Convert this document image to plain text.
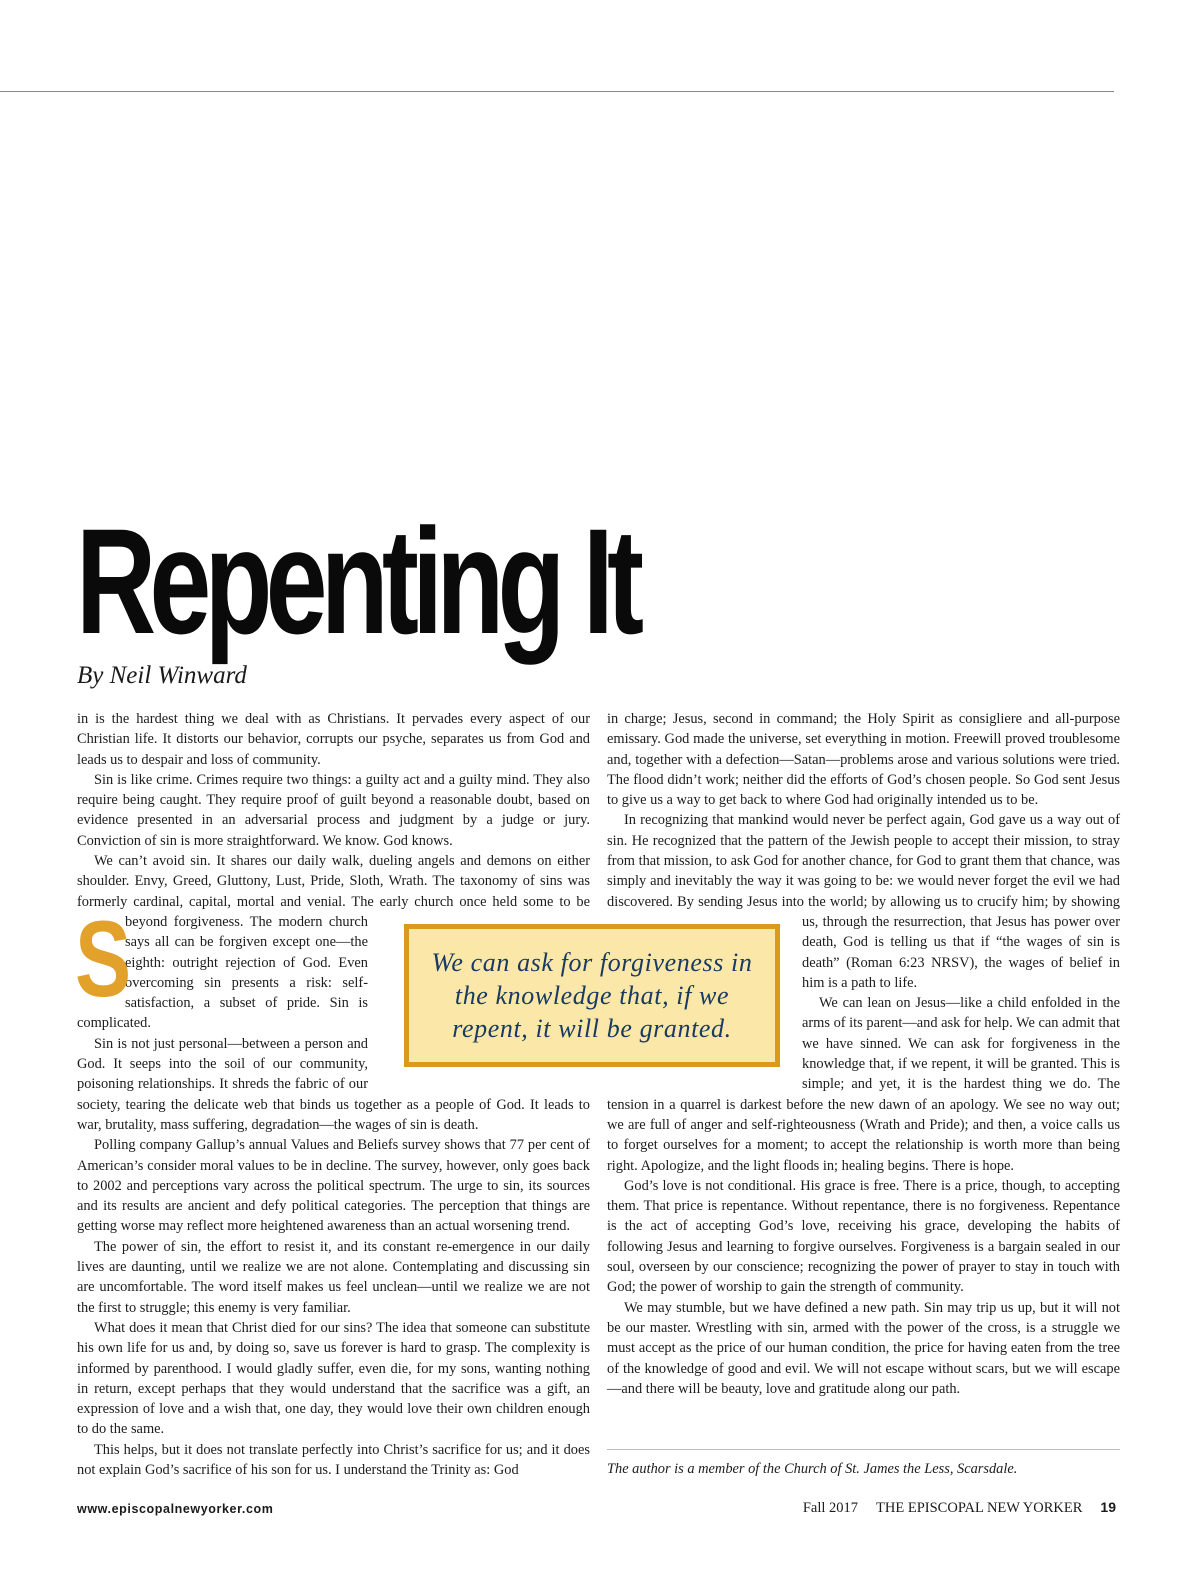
Repenting It
By Neil Winward

S
in is the hardest thing we deal with as Christians. It pervades every aspect of our Christian life. It distorts our behavior, corrupts our psyche, separates us from God and leads us to despair and loss of community.

Sin is like crime. Crimes require two things: a guilty act and a guilty mind. They also require being caught. They require proof of guilt beyond a reasonable doubt, based on evidence presented in an adversarial process and judgment by a judge or jury. Conviction of sin is more straightforward. We know. God knows.

We can’t avoid sin. It shares our daily walk, dueling angels and demons on either shoulder. Envy, Greed, Gluttony, Lust, Pride, Sloth, Wrath. The taxonomy of sins was formerly cardinal, capital, mortal and venial. The early church once held some to be beyond forgiveness. The modern church says all can be forgiven except one—the eighth: outright rejection of God. Even overcoming sin presents a risk: self-satisfaction, a subset of pride. Sin is complicated.

Sin is not just personal—between a person and God. It seeps into the soil of our community, poisoning relationships. It shreds the fabric of our society, tearing the delicate web that binds us together as a people of God. It leads to war, brutality, mass suffering, degradation—the wages of sin is death.

Polling company Gallup’s annual Values and Beliefs survey shows that 77 per cent of American’s consider moral values to be in decline. The survey, however, only goes back to 2002 and perceptions vary across the political spectrum. The urge to sin, its sources and its results are ancient and defy political categories. The perception that things are getting worse may reflect more heightened awareness than an actual worsening trend.

The power of sin, the effort to resist it, and its constant re-emergence in our daily lives are daunting, until we realize we are not alone. Contemplating and discussing sin are uncomfortable. The word itself makes us feel unclean—until we realize we are not the first to struggle; this enemy is very familiar.

What does it mean that Christ died for our sins? The idea that someone can substitute his own life for us and, by doing so, save us forever is hard to grasp. The complexity is informed by parenthood. I would gladly suffer, even die, for my sons, wanting nothing in return, except perhaps that they would understand that the sacrifice was a gift, an expression of love and a wish that, one day, they would love their own children enough to do the same.

This helps, but it does not translate perfectly into Christ’s sacrifice for us; and it does not explain God’s sacrifice of his son for us. I understand the Trinity as: God

in charge; Jesus, second in command; the Holy Spirit as consigliere and all-purpose emissary. God made the universe, set everything in motion. Freewill proved troublesome and, together with a defection—Satan—problems arose and various solutions were tried. The flood didn’t work; neither did the efforts of God’s chosen people. So God sent Jesus to give us a way to get back to where God had originally intended us to be.

In recognizing that mankind would never be perfect again, God gave us a way out of sin. He recognized that the pattern of the Jewish people to accept their mission, to stray from that mission, to ask God for another chance, for God to grant them that chance, was simply and inevitably the way it was going to be: we would never forget the evil we had discovered. By sending Jesus into the world; by allowing us to crucify him; by showing us, through the resurrection, that Jesus has power over death, God is telling us that if “the wages of sin is death” (Roman 6:23 NRSV), the wages of belief in him is a path to life.

We can lean on Jesus—like a child enfolded in the arms of its parent—and ask for help. We can admit that we have sinned. We can ask for forgiveness in the knowledge that, if we repent, it will be granted. This is simple; and yet, it is the hardest thing we do. The tension in a quarrel is darkest before the new dawn of an apology. We see no way out; we are full of anger and self-righteousness (Wrath and Pride); and then, a voice calls us to forget ourselves for a moment; to accept the relationship is worth more than being right. Apologize, and the light floods in; healing begins. There is hope.

God’s love is not conditional. His grace is free. There is a price, though, to accepting them. That price is repentance. Without repentance, there is no forgiveness. Repentance is the act of accepting God’s love, receiving his grace, developing the habits of following Jesus and learning to forgive ourselves. Forgiveness is a bargain sealed in our soul, overseen by our conscience; recognizing the power of prayer to stay in touch with God; the power of worship to gain the strength of community.

We may stumble, but we have defined a new path. Sin may trip us up, but it will not be our master. Wrestling with sin, armed with the power of the cross, is a struggle we must accept as the price of our human condition, the price for having eaten from the tree of the knowledge of good and evil. We will not escape without scars, but we will escape—and there will be beauty, love and gratitude along our path.

We can ask for forgiveness in the knowledge that, if we repent, it will be granted.
The author is a member of the Church of St. James the Less, Scarsdale.
www.episcopalnewyorker.com	Fall 2017 THE EPISCOPAL NEW YORKER 19
